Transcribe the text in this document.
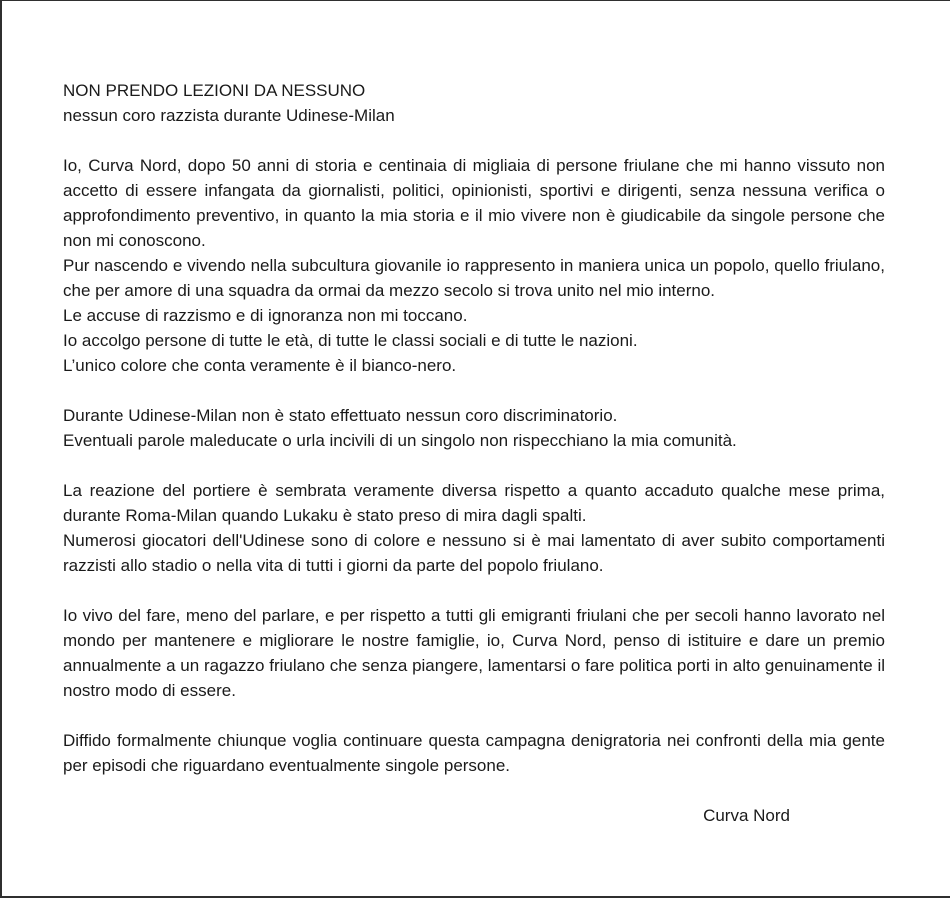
NON PRENDO LEZIONI DA NESSUNO
nessun coro razzista durante Udinese-Milan

Io, Curva Nord, dopo 50 anni di storia e centinaia di migliaia di persone friulane che mi hanno vissuto non accetto di essere infangata da giornalisti, politici, opinionisti, sportivi e dirigenti, senza nessuna verifica o approfondimento preventivo, in quanto la mia storia e il mio vivere non è giudicabile da singole persone che non mi conoscono.

Pur nascendo e vivendo nella subcultura giovanile io rappresento in maniera unica un popolo, quello friulano, che per amore di una squadra da ormai da mezzo secolo si trova unito nel mio interno.

Le accuse di razzismo e di ignoranza non mi toccano.

Io accolgo persone di tutte le età, di tutte le classi sociali e di tutte le nazioni.

L’unico colore che conta veramente è il bianco-nero.

Durante Udinese-Milan non è stato effettuato nessun coro discriminatorio.

Eventuali parole maleducate o urla incivili di un singolo non rispecchiano la mia comunità.

La reazione del portiere è sembrata veramente diversa rispetto a quanto accaduto qualche mese prima, durante Roma-Milan quando Lukaku è stato preso di mira dagli spalti.

Numerosi giocatori dell'Udinese sono di colore e nessuno si è mai lamentato di aver subito comportamenti razzisti allo stadio o nella vita di tutti i giorni da parte del popolo friulano.

Io vivo del fare, meno del parlare, e per rispetto a tutti gli emigranti friulani che per secoli hanno lavorato nel mondo per mantenere e migliorare le nostre famiglie, io, Curva Nord, penso di istituire e dare un premio annualmente a un ragazzo friulano che senza piangere, lamentarsi o fare politica porti in alto genuinamente il nostro modo di essere.

Diffido formalmente chiunque voglia continuare questa campagna denigratoria nei confronti della mia gente per episodi che riguardano eventualmente singole persone.

Curva Nord
